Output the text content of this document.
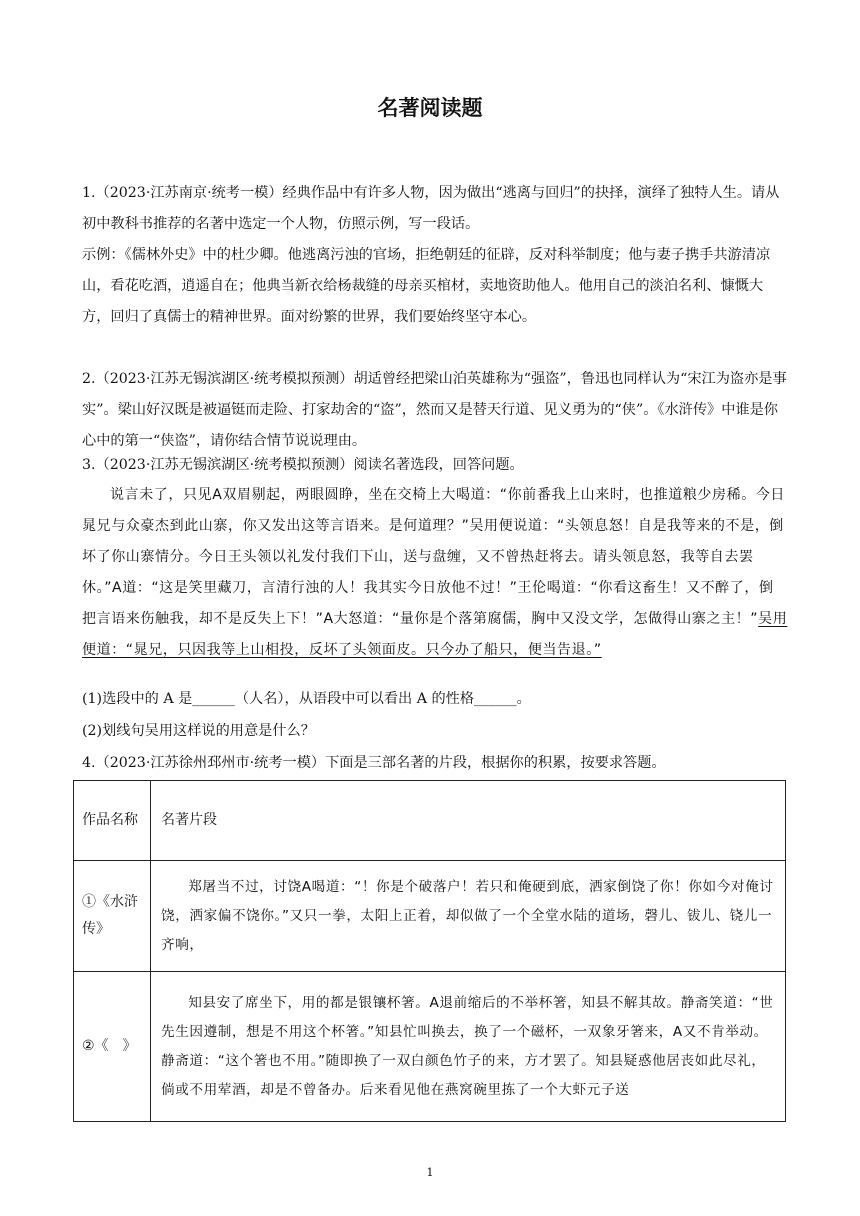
名著阅读题

1.（2023·江苏南京·统考一模）经典作品中有许多人物，因为做出“逃离与回归”的抉择，演绎了独特人生。请从初中教科书推荐的名著中选定一个人物，仿照示例，写一段话。

示例：《儒林外史》中的杜少卿。他逃离污浊的官场，拒绝朝廷的征辟，反对科举制度；他与妻子携手共游清凉山，看花吃酒，逍遥自在；他典当新衣给杨裁缝的母亲买棺材，卖地资助他人。他用自己的淡泊名利、慷慨大方，回归了真儒士的精神世界。面对纷繁的世界，我们要始终坚守本心。

2.（2023·江苏无锡滨湖区·统考模拟预测）胡适曾经把梁山泊英雄称为“强盗”，鲁迅也同样认为“宋江为盗亦是事实”。梁山好汉既是被逼铤而走险、打家劫舍的“盗”，然而又是替天行道、见义勇为的“侠”。《水浒传》中谁是你心中的第一“侠盗”，请你结合情节说说理由。

3.（2023·江苏无锡滨湖区·统考模拟预测）阅读名著选段，回答问题。

说言未了，只见A双眉剔起，两眼圆睁，坐在交椅上大喝道：“你前番我上山来时，也推道粮少房稀。今日晁兄与众豪杰到此山寨，你又发出这等言语来。是何道理？”吴用便说道：“头领息怒！自是我等来的不是，倒坏了你山寨情分。今日王头领以礼发付我们下山，送与盘缠，又不曾热赶将去。请头领息怒，我等自去罢休。”A道：“这是笑里藏刀，言清行浊的人！我其实今日放他不过！”王伦喝道：“你看这畜生！又不醉了，倒把言语来伤触我，却不是反失上下！”A大怒道：“量你是个落第腐儒，胸中又没文学，怎做得山寨之主！”吴用便道：“晁兄，只因我等上山相投，反坏了头领面皮。只今办了船只，便当告退。”

(1)选段中的 A 是______（人名），从语段中可以看出 A 的性格______。

(2)划线句吴用这样说的用意是什么？

4.（2023·江苏徐州邳州市·统考一模）下面是三部名著的片段，根据你的积累，按要求答题。

作品名称	名著片段
①《水浒传》	郑屠当不过，讨饶A喝道：“！你是个破落户！若只和俺硬到底，洒家倒饶了你！你如今对俺讨饶，洒家偏不饶你。”又只一拳，太阳上正着，却似做了一个全堂水陆的道场，磬儿、钹儿、铙儿一齐响，

②《　》	知县安了席坐下，用的都是银镶杯箸。A退前缩后的不举杯箸，知县不解其故。静斋笑道：“世先生因遵制，想是不用这个杯箸。”知县忙叫换去，换了一个磁杯，一双象牙箸来，A又不肯举动。静斋道：“这个箸也不用。”随即换了一双白颜色竹子的来，方才罢了。知县疑惑他居丧如此尽礼，倘或不用荤酒，却是不曾备办。后来看见他在燕窝碗里拣了一个大虾元子送
1
